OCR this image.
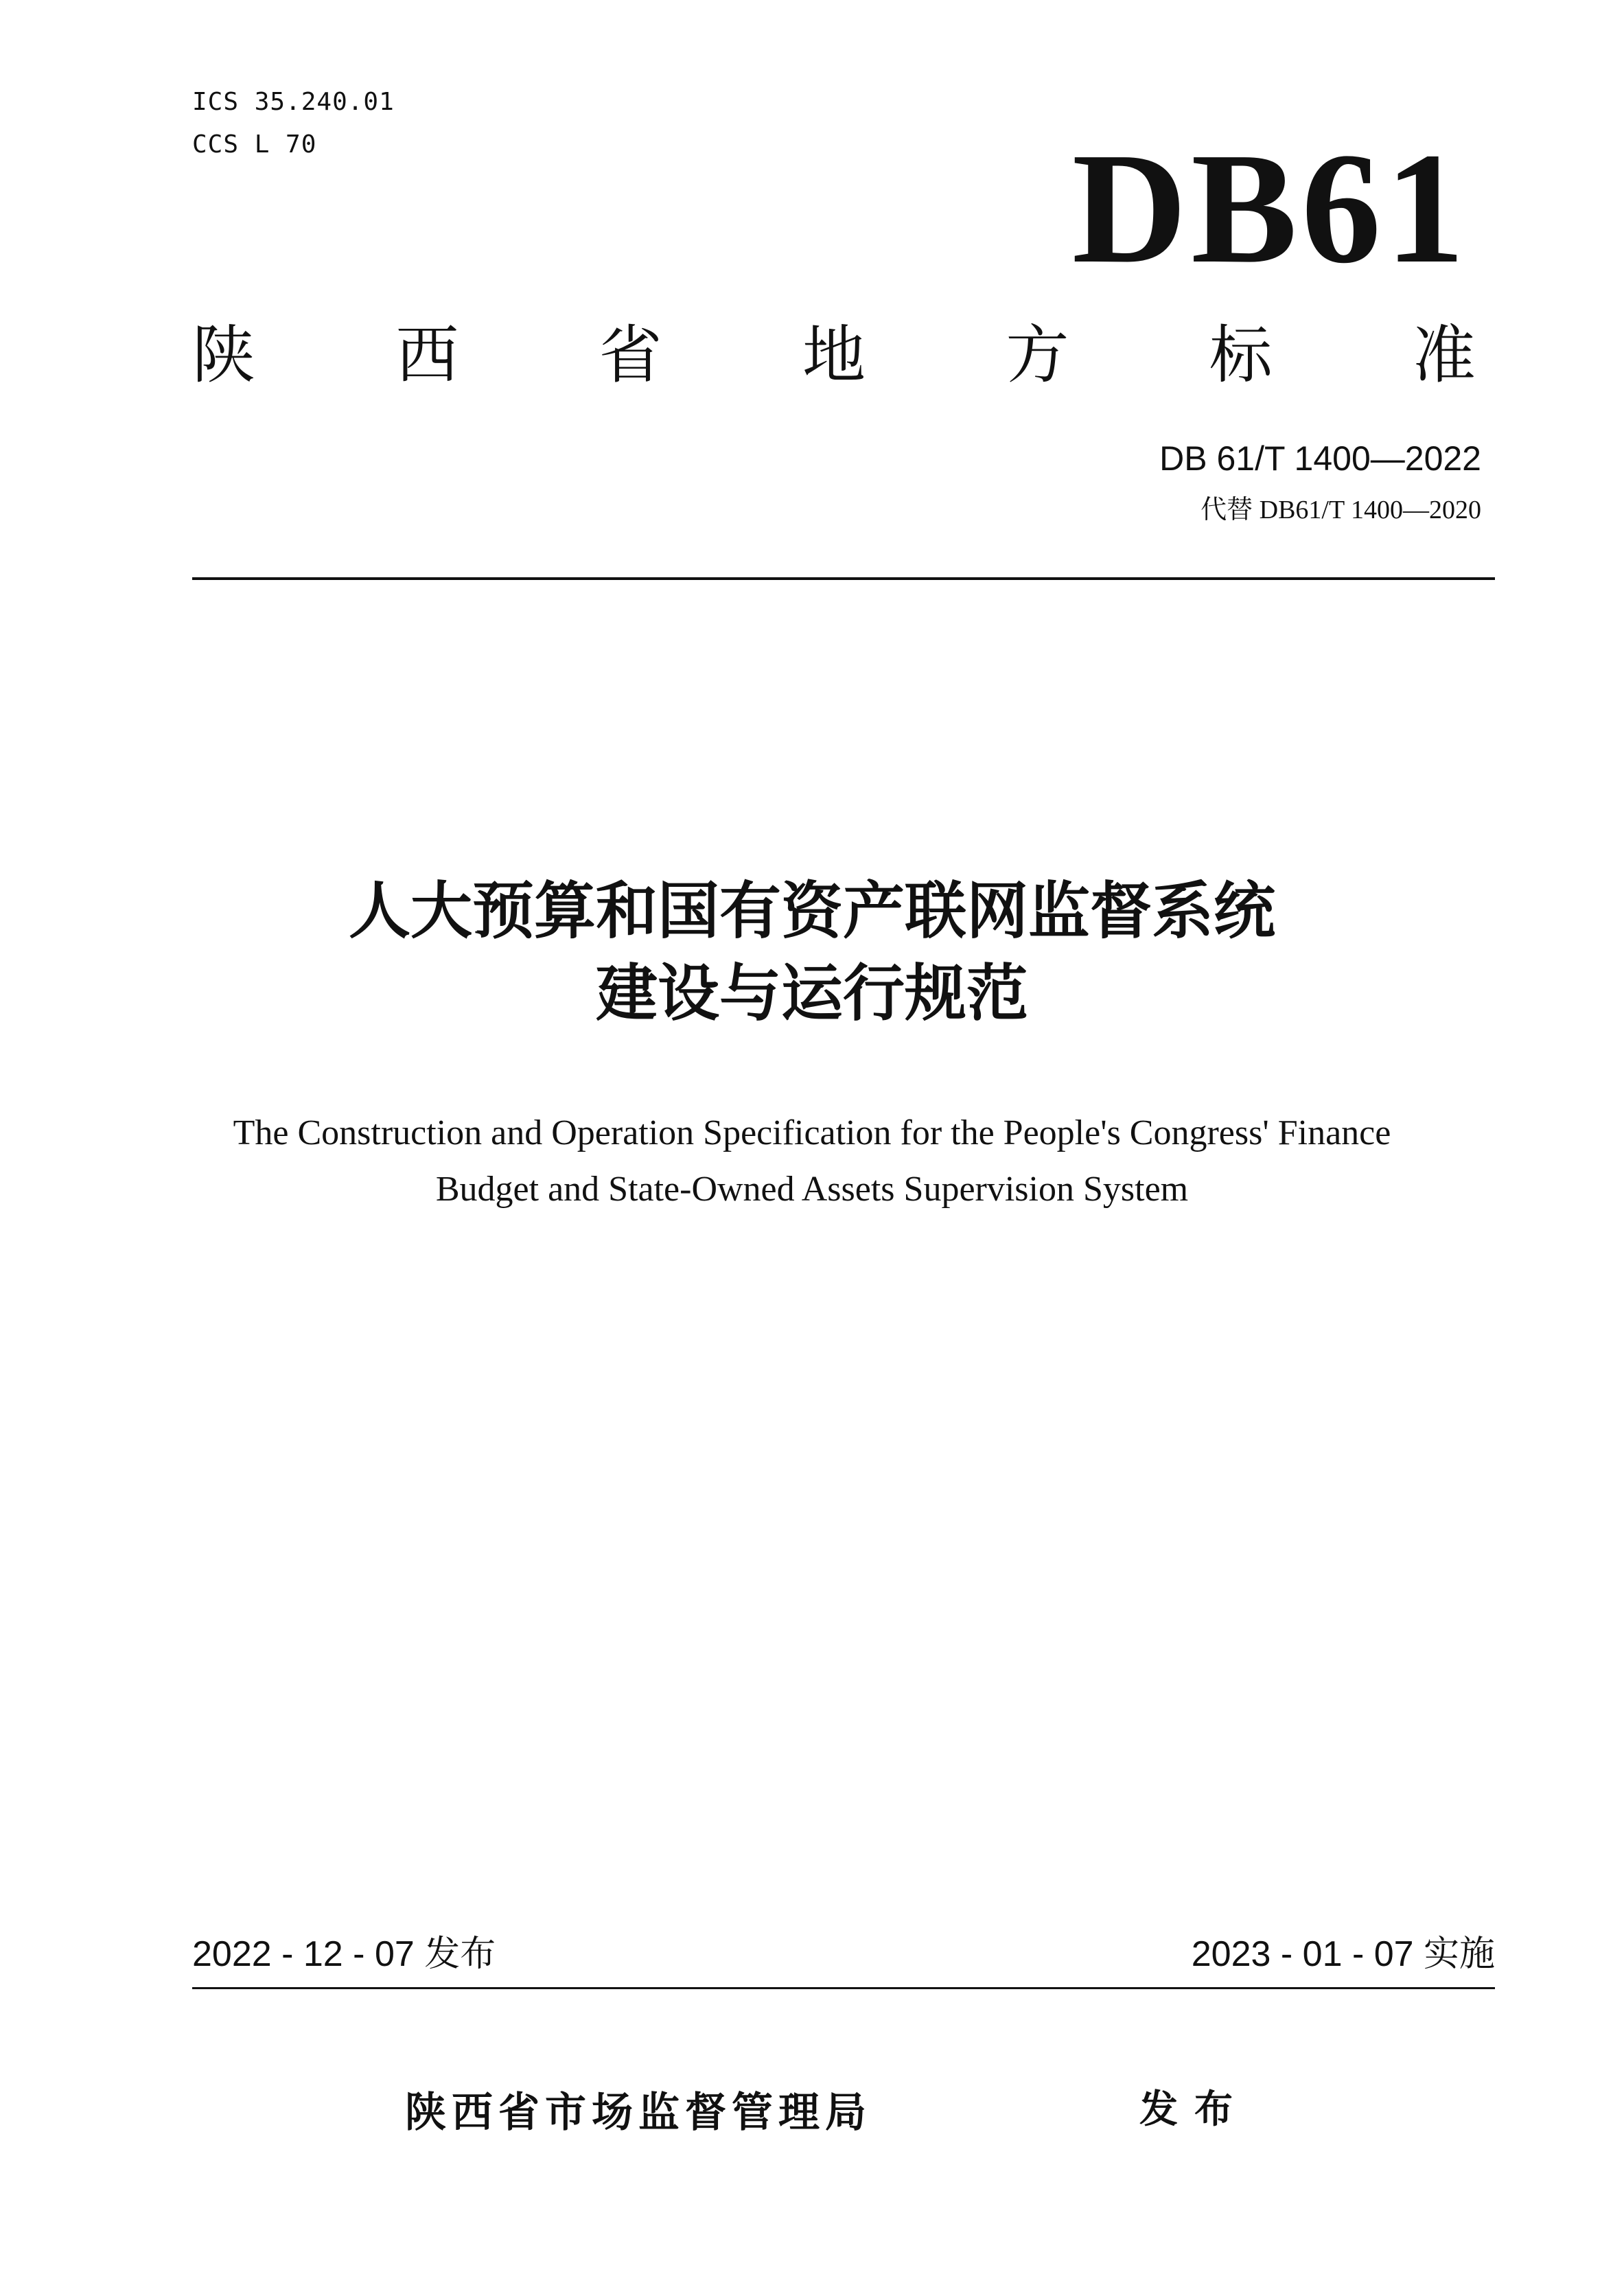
ICS 35.240.01
CCS L 70	DB61
陕 西 省 地 方 标 准
DB 61/T 1400—2022
代替 DB61/T 1400—2020
人大预算和国有资产联网监督系统
建设与运行规范
The Construction and Operation Specification for the People's Congress' Finance
Budget and State-Owned Assets Supervision System
2022 - 12 - 07 发布	2023 - 01 - 07 实施
陕西省市场监督管理局	发布
